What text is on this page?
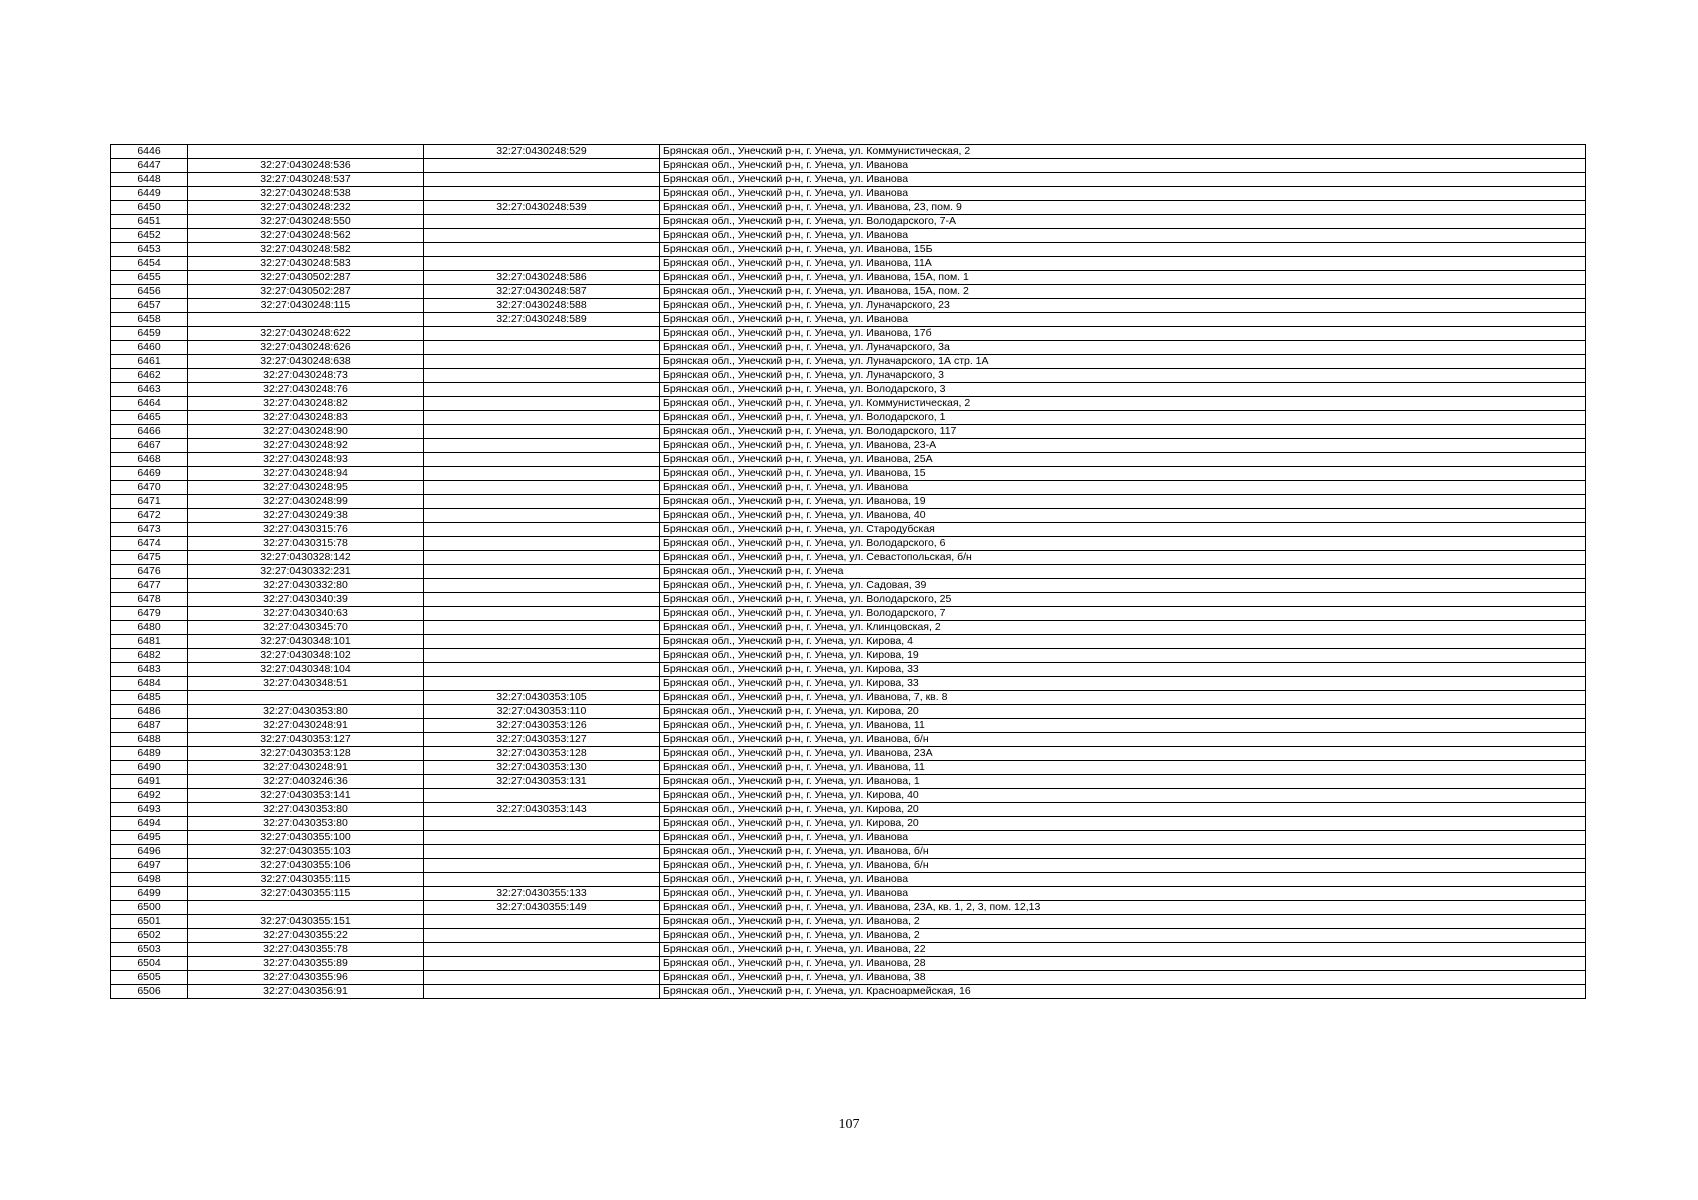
6446		32:27:0430248:529	Брянская обл., Унечский р-н, г. Унеча, ул. Коммунистическая, 2
6447	32:27:0430248:536		Брянская обл., Унечский р-н, г. Унеча, ул. Иванова
6448	32:27:0430248:537		Брянская обл., Унечский р-н, г. Унеча, ул. Иванова
6449	32:27:0430248:538		Брянская обл., Унечский р-н, г. Унеча, ул. Иванова
6450	32:27:0430248:232	32:27:0430248:539	Брянская обл., Унечский р-н, г. Унеча, ул. Иванова, 23, пом. 9
6451	32:27:0430248:550		Брянская обл., Унечский р-н, г. Унеча, ул. Володарского, 7-А
6452	32:27:0430248:562		Брянская обл., Унечский р-н, г. Унеча, ул. Иванова
6453	32:27:0430248:582		Брянская обл., Унечский р-н, г. Унеча, ул. Иванова, 15Б
6454	32:27:0430248:583		Брянская обл., Унечский р-н, г. Унеча, ул. Иванова, 11А
6455	32:27:0430502:287	32:27:0430248:586	Брянская обл., Унечский р-н, г. Унеча, ул. Иванова, 15А, пом. 1
6456	32:27:0430502:287	32:27:0430248:587	Брянская обл., Унечский р-н, г. Унеча, ул. Иванова, 15А, пом. 2
6457	32:27:0430248:115	32:27:0430248:588	Брянская обл., Унечский р-н, г. Унеча, ул. Луначарского, 23
6458		32:27:0430248:589	Брянская обл., Унечский р-н, г. Унеча, ул. Иванова
6459	32:27:0430248:622		Брянская обл., Унечский р-н, г. Унеча, ул. Иванова, 17б
6460	32:27:0430248:626		Брянская обл., Унечский р-н, г. Унеча, ул. Луначарского, 3а
6461	32:27:0430248:638		Брянская обл., Унечский р-н, г. Унеча, ул. Луначарского, 1А стр. 1А
6462	32:27:0430248:73		Брянская обл., Унечский р-н, г. Унеча, ул. Луначарского, 3
6463	32:27:0430248:76		Брянская обл., Унечский р-н, г. Унеча, ул. Володарского, 3
6464	32:27:0430248:82		Брянская обл., Унечский р-н, г. Унеча, ул. Коммунистическая, 2
6465	32:27:0430248:83		Брянская обл., Унечский р-н, г. Унеча, ул. Володарского, 1
6466	32:27:0430248:90		Брянская обл., Унечский р-н, г. Унеча, ул. Володарского, 117
6467	32:27:0430248:92		Брянская обл., Унечский р-н, г. Унеча, ул. Иванова, 23-А
6468	32:27:0430248:93		Брянская обл., Унечский р-н, г. Унеча, ул. Иванова, 25А
6469	32:27:0430248:94		Брянская обл., Унечский р-н, г. Унеча, ул. Иванова, 15
6470	32:27:0430248:95		Брянская обл., Унечский р-н, г. Унеча, ул. Иванова
6471	32:27:0430248:99		Брянская обл., Унечский р-н, г. Унеча, ул. Иванова, 19
6472	32:27:0430249:38		Брянская обл., Унечский р-н, г. Унеча, ул. Иванова, 40
6473	32:27:0430315:76		Брянская обл., Унечский р-н, г. Унеча, ул. Стародубская
6474	32:27:0430315:78		Брянская обл., Унечский р-н, г. Унеча, ул. Володарского, 6
6475	32:27:0430328:142		Брянская обл., Унечский р-н, г. Унеча, ул. Севастопольская, б/н
6476	32:27:0430332:231		Брянская обл., Унечский р-н, г. Унеча
6477	32:27:0430332:80		Брянская обл., Унечский р-н, г. Унеча, ул. Садовая, 39
6478	32:27:0430340:39		Брянская обл., Унечский р-н, г. Унеча, ул. Володарского, 25
6479	32:27:0430340:63		Брянская обл., Унечский р-н, г. Унеча, ул. Володарского, 7
6480	32:27:0430345:70		Брянская обл., Унечский р-н, г. Унеча, ул. Клинцовская, 2
6481	32:27:0430348:101		Брянская обл., Унечский р-н, г. Унеча, ул. Кирова, 4
6482	32:27:0430348:102		Брянская обл., Унечский р-н, г. Унеча, ул. Кирова, 19
6483	32:27:0430348:104		Брянская обл., Унечский р-н, г. Унеча, ул. Кирова, 33
6484	32:27:0430348:51		Брянская обл., Унечский р-н, г. Унеча, ул. Кирова, 33
6485		32:27:0430353:105	Брянская обл., Унечский р-н, г. Унеча, ул. Иванова, 7, кв. 8
6486	32:27:0430353:80	32:27:0430353:110	Брянская обл., Унечский р-н, г. Унеча, ул. Кирова, 20
6487	32:27:0430248:91	32:27:0430353:126	Брянская обл., Унечский р-н, г. Унеча, ул. Иванова, 11
6488	32:27:0430353:127	32:27:0430353:127	Брянская обл., Унечский р-н, г. Унеча, ул. Иванова, б/н
6489	32:27:0430353:128	32:27:0430353:128	Брянская обл., Унечский р-н, г. Унеча, ул. Иванова, 23А
6490	32:27:0430248:91	32:27:0430353:130	Брянская обл., Унечский р-н, г. Унеча, ул. Иванова, 11
6491	32:27:0403246:36	32:27:0430353:131	Брянская обл., Унечский р-н, г. Унеча, ул. Иванова, 1
6492	32:27:0430353:141		Брянская обл., Унечский р-н, г. Унеча, ул. Кирова, 40
6493	32:27:0430353:80	32:27:0430353:143	Брянская обл., Унечский р-н, г. Унеча, ул. Кирова, 20
6494	32:27:0430353:80		Брянская обл., Унечский р-н, г. Унеча, ул. Кирова, 20
6495	32:27:0430355:100		Брянская обл., Унечский р-н, г. Унеча, ул. Иванова
6496	32:27:0430355:103		Брянская обл., Унечский р-н, г. Унеча, ул. Иванова, б/н
6497	32:27:0430355:106		Брянская обл., Унечский р-н, г. Унеча, ул. Иванова, б/н
6498	32:27:0430355:115		Брянская обл., Унечский р-н, г. Унеча, ул. Иванова
6499	32:27:0430355:115	32:27:0430355:133	Брянская обл., Унечский р-н, г. Унеча, ул. Иванова
6500		32:27:0430355:149	Брянская обл., Унечский р-н, г. Унеча, ул. Иванова, 23А, кв. 1, 2, 3, пом. 12,13
6501	32:27:0430355:151		Брянская обл., Унечский р-н, г. Унеча, ул. Иванова, 2
6502	32:27:0430355:22		Брянская обл., Унечский р-н, г. Унеча, ул. Иванова, 2
6503	32:27:0430355:78		Брянская обл., Унечский р-н, г. Унеча, ул. Иванова, 22
6504	32:27:0430355:89		Брянская обл., Унечский р-н, г. Унеча, ул. Иванова, 28
6505	32:27:0430355:96		Брянская обл., Унечский р-н, г. Унеча, ул. Иванова, 38
6506	32:27:0430356:91		Брянская обл., Унечский р-н, г. Унеча, ул. Красноармейская, 16
107
